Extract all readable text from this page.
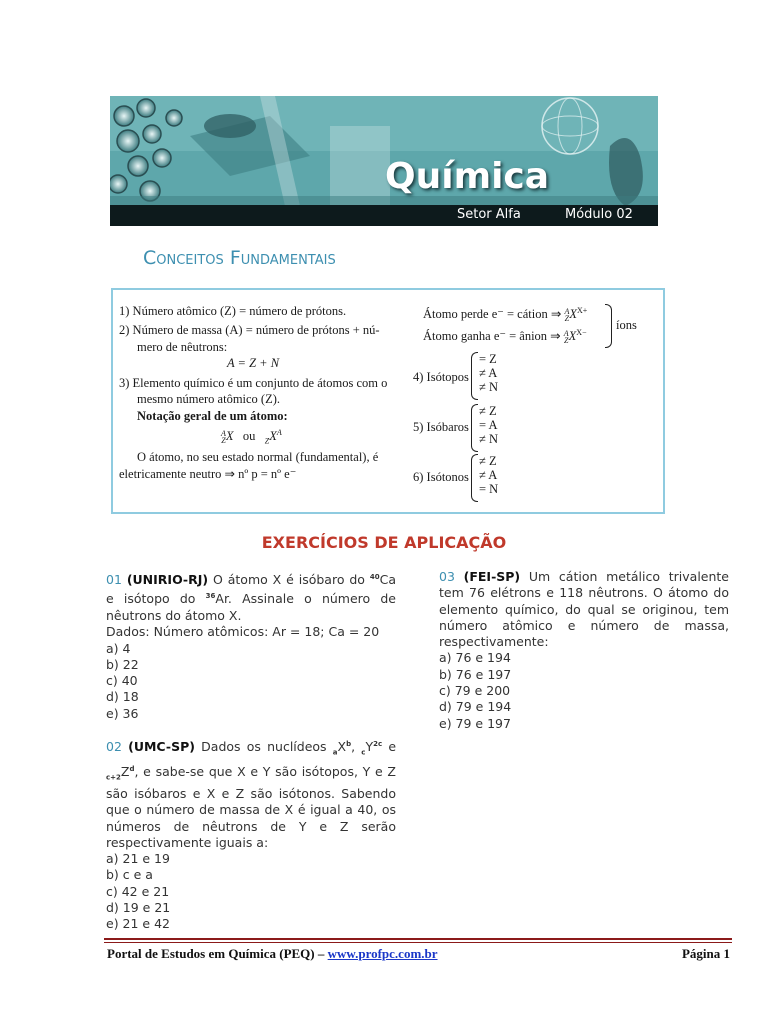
Química
Setor Alfa	Módulo 02
Conceitos Fundamentais
1) Número atômico (Z) = número de prótons.
2) Número de massa (A) = número de prótons + nú-
mero de nêutrons:
A = Z + N
3) Elemento químico é um conjunto de átomos com o
mesmo número atômico (Z).
Notação geral de um átomo:
A
ZX   ou $_ZX^A$
O átomo, no seu estado normal (fundamental), é
eletricamente neutro ⇒ nº p = nº e⁻
Átomo perde e⁻ = cátion ⇒ A
$ZX^{X+}$
Átomo ganha e⁻ = ânion ⇒ A
$ZX^{X-}$
íons
4) Isótopos
= Z
≠ A
≠ N
5) Isóbaros
≠ Z
= A
≠ N
6) Isótonos
≠ Z
≠ A
= N
EXERCÍCIOS DE APLICAÇÃO
01 (UNIRIO-RJ) O átomo X é isóbaro do $^{40}$Ca e isótopo do $^{36}$Ar. Assinale o número de nêutrons do átomo X.
Dados: Número atômicos: Ar = 18; Ca = 20
a) 4
b) 22
c) 40
d) 18
e) 36
02 (UMC-SP) Dados os nuclídeos $_aX^b$, $_cY^{2c}$ e $_{c+2}Z^d$, e sabe-se que X e Y são isótopos, Y e Z são isóbaros e X e Z são isótonos. Sabendo que o número de massa de X é igual a 40, os números de nêutrons de Y e Z serão respectivamente iguais a:
a) 21 e 19
b) c e a
c) 42 e 21
d) 19 e 21
e) 21 e 42
03 (FEI-SP) Um cátion metálico trivalente tem 76 elétrons e 118 nêutrons. O átomo do elemento químico, do qual se originou, tem número atômico e número de massa, respectivamente:
a) 76 e 194
b) 76 e 197
c) 79 e 200
d) 79 e 194
e) 79 e 197
Portal de Estudos em Química (PEQ) – www.profpc.com.br	Página 1
